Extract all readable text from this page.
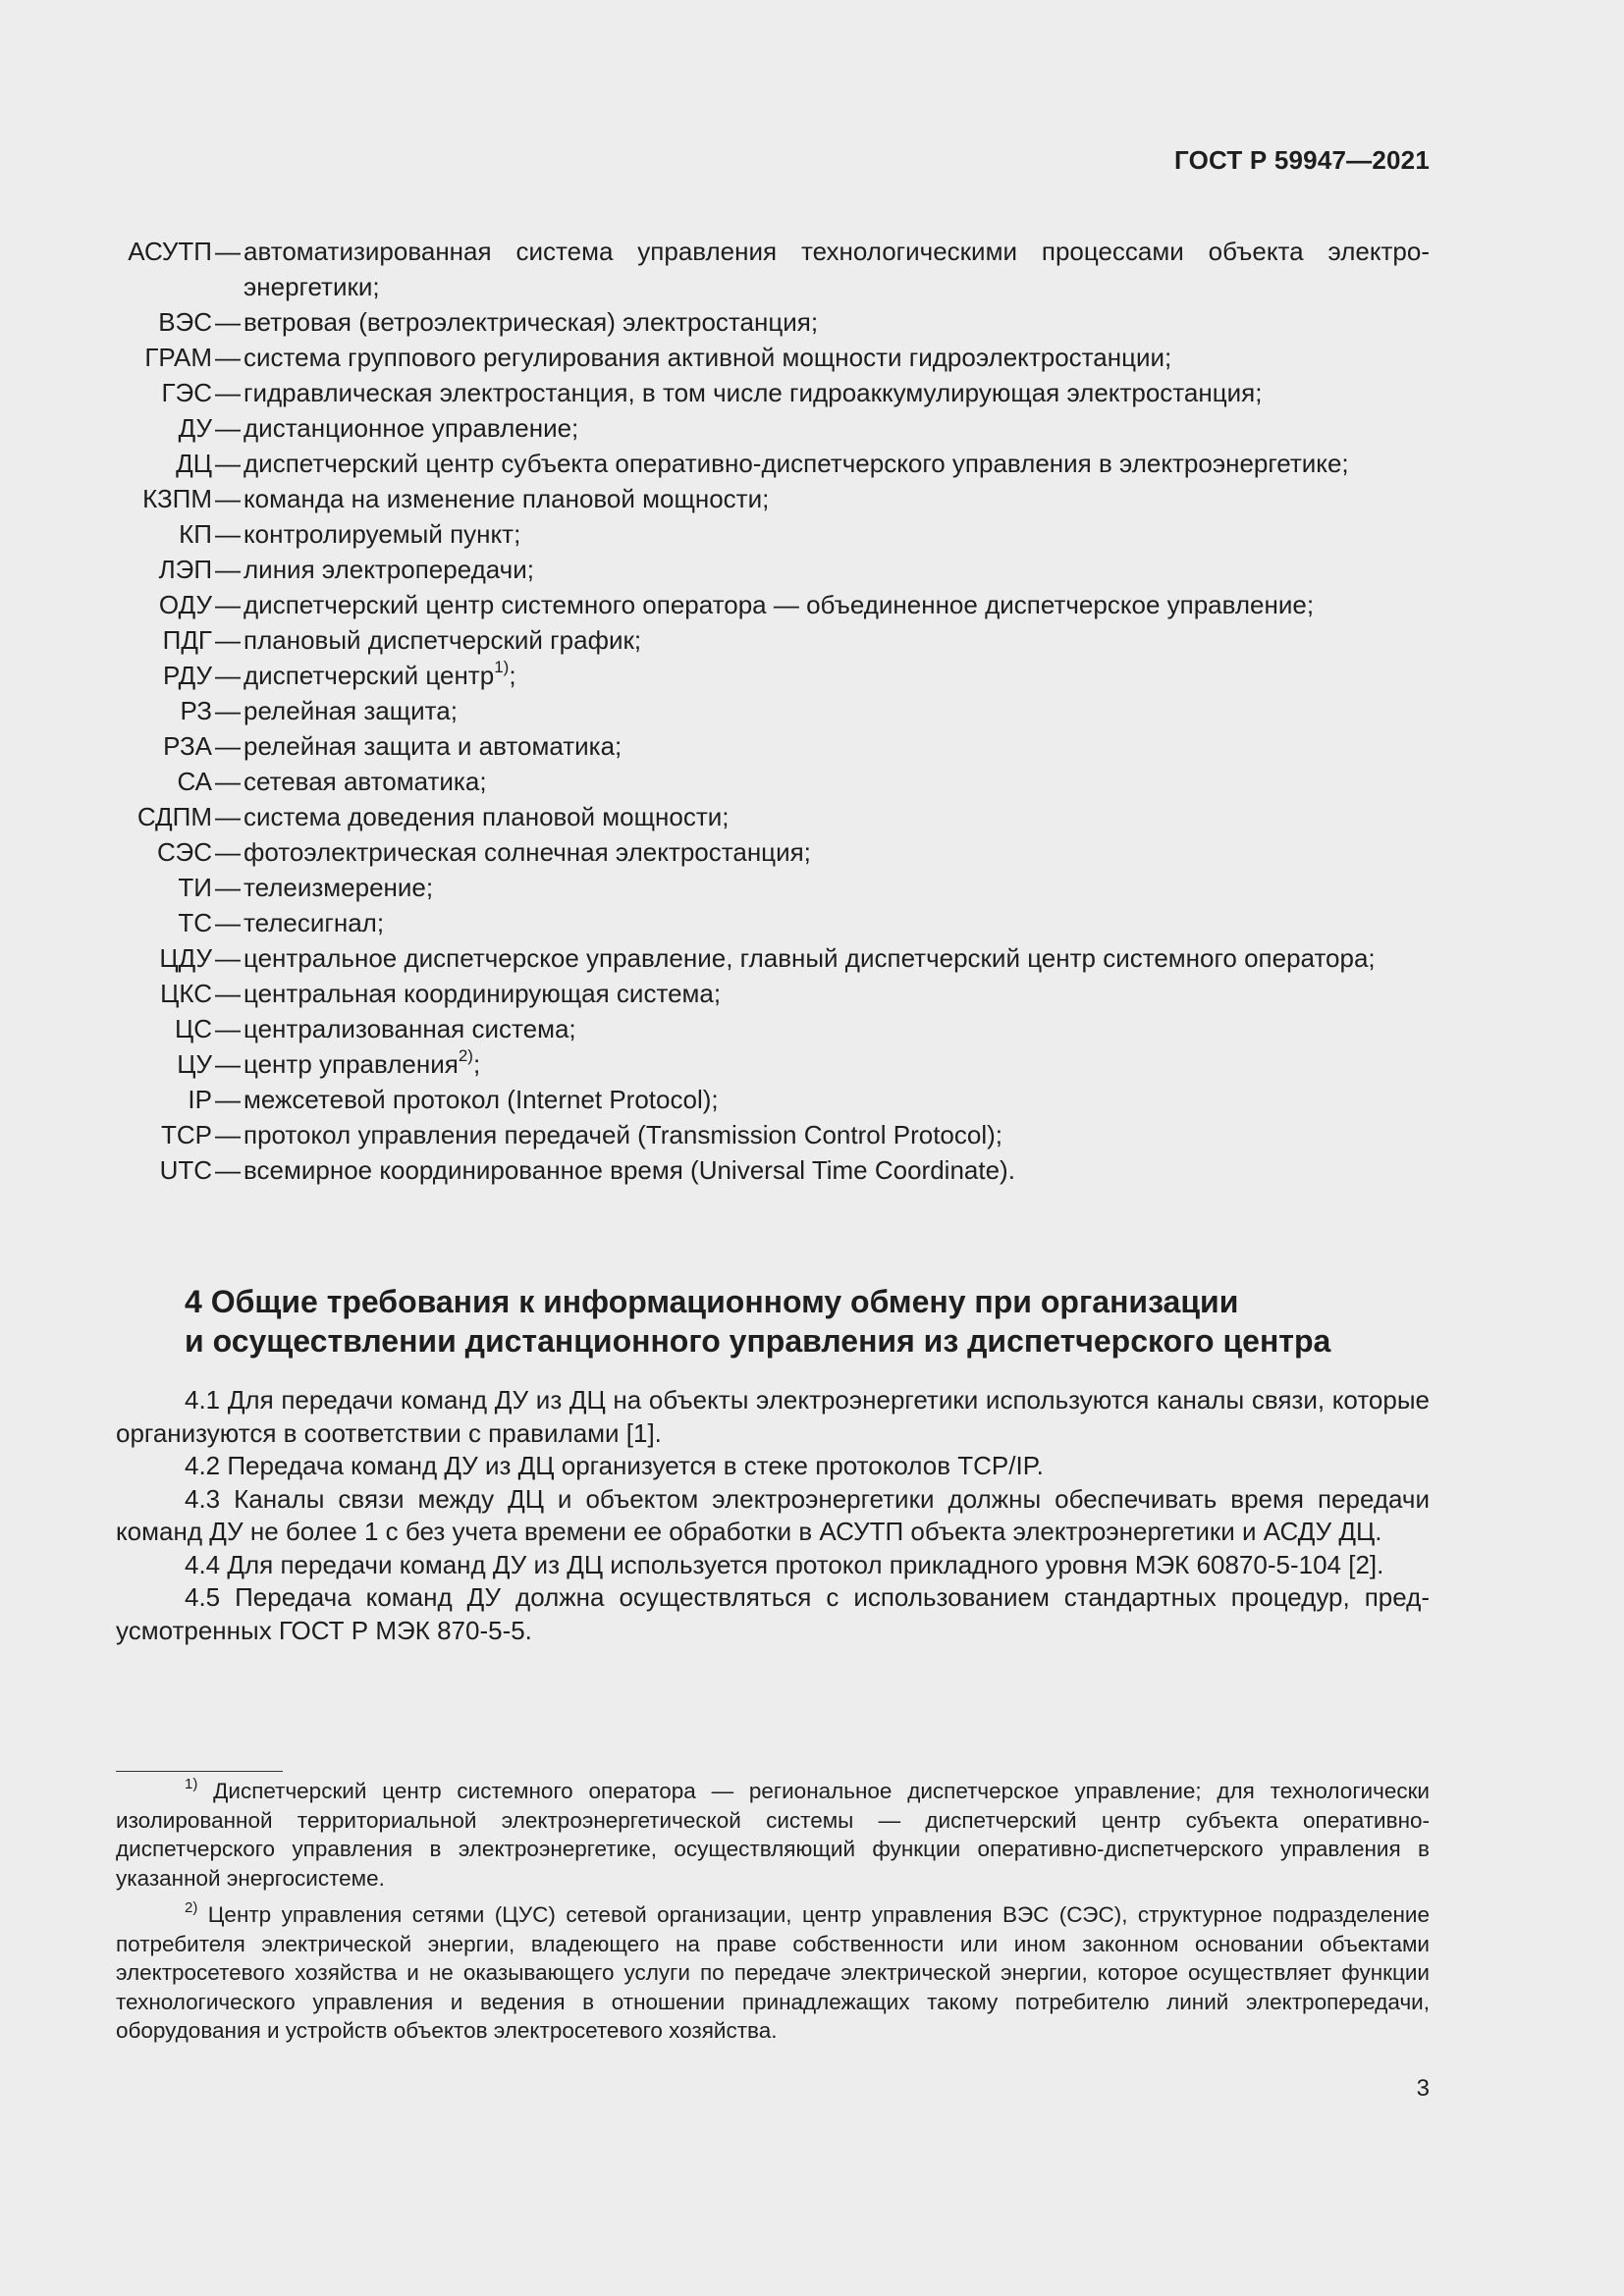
ГОСТ Р 59947—2021
АСУТП — автоматизированная система управления технологическими процессами объекта электроэнергетики;
ВЭС — ветровая (ветроэлектрическая) электростанция;
ГРАМ — система группового регулирования активной мощности гидроэлектростанции;
ГЭС — гидравлическая электростанция, в том числе гидроаккумулирующая электростанция;
ДУ — дистанционное управление;
ДЦ — диспетчерский центр субъекта оперативно-диспетчерского управления в электроэнергетике;
КЗПМ — команда на изменение плановой мощности;
КП — контролируемый пункт;
ЛЭП — линия электропередачи;
ОДУ — диспетчерский центр системного оператора — объединенное диспетчерское управление;
ПДГ — плановый диспетчерский график;
РДУ — диспетчерский центр$^{1)}$;
РЗ — релейная защита;
РЗА — релейная защита и автоматика;
СА — сетевая автоматика;
СДПМ — система доведения плановой мощности;
СЭС — фотоэлектрическая солнечная электростанция;
ТИ — телеизмерение;
ТС — телесигнал;
ЦДУ — центральное диспетчерское управление, главный диспетчерский центр системного оператора;
ЦКС — центральная координирующая система;
ЦС — централизованная система;
ЦУ — центр управления$^{2)}$;
IP — межсетевой протокол (Internet Protocol);
TCP — протокол управления передачей (Transmission Control Protocol);
UTC — всемирное координированное время (Universal Time Coordinate).
4 Общие требования к информационному обмену при организации
и осуществлении дистанционного управления из диспетчерского центра

4.1 Для передачи команд ДУ из ДЦ на объекты электроэнергетики используются каналы связи, которые организуются в соответствии с правилами [1].

4.2 Передача команд ДУ из ДЦ организуется в стеке протоколов TCP/IP.

4.3 Каналы связи между ДЦ и объектом электроэнергетики должны обеспечивать время передачи команд ДУ не более 1 с без учета времени ее обработки в АСУТП объекта электроэнергетики и АСДУ ДЦ.

4.4 Для передачи команд ДУ из ДЦ используется протокол прикладного уровня МЭК 60870-5-104 [2].

4.5 Передача команд ДУ должна осуществляться с использованием стандартных процедур, предусмотренных ГОСТ Р МЭК 870-5-5.

$^{1)}$ Диспетчерский центр системного оператора — региональное диспетчерское управление; для технологически изолированной территориальной электроэнергетической системы — диспетчерский центр субъекта оперативно-диспетчерского управления в электроэнергетике, осуществляющий функции оперативно-диспетчерского управления в указанной энергосистеме.

$^{2)}$ Центр управления сетями (ЦУС) сетевой организации, центр управления ВЭС (СЭС), структурное подразделение потребителя электрической энергии, владеющего на праве собственности или ином законном основании объектами электросетевого хозяйства и не оказывающего услуги по передаче электрической энергии, которое осуществляет функции технологического управления и ведения в отношении принадлежащих такому потребителю линий электропередачи, оборудования и устройств объектов электросетевого хозяйства.

3
